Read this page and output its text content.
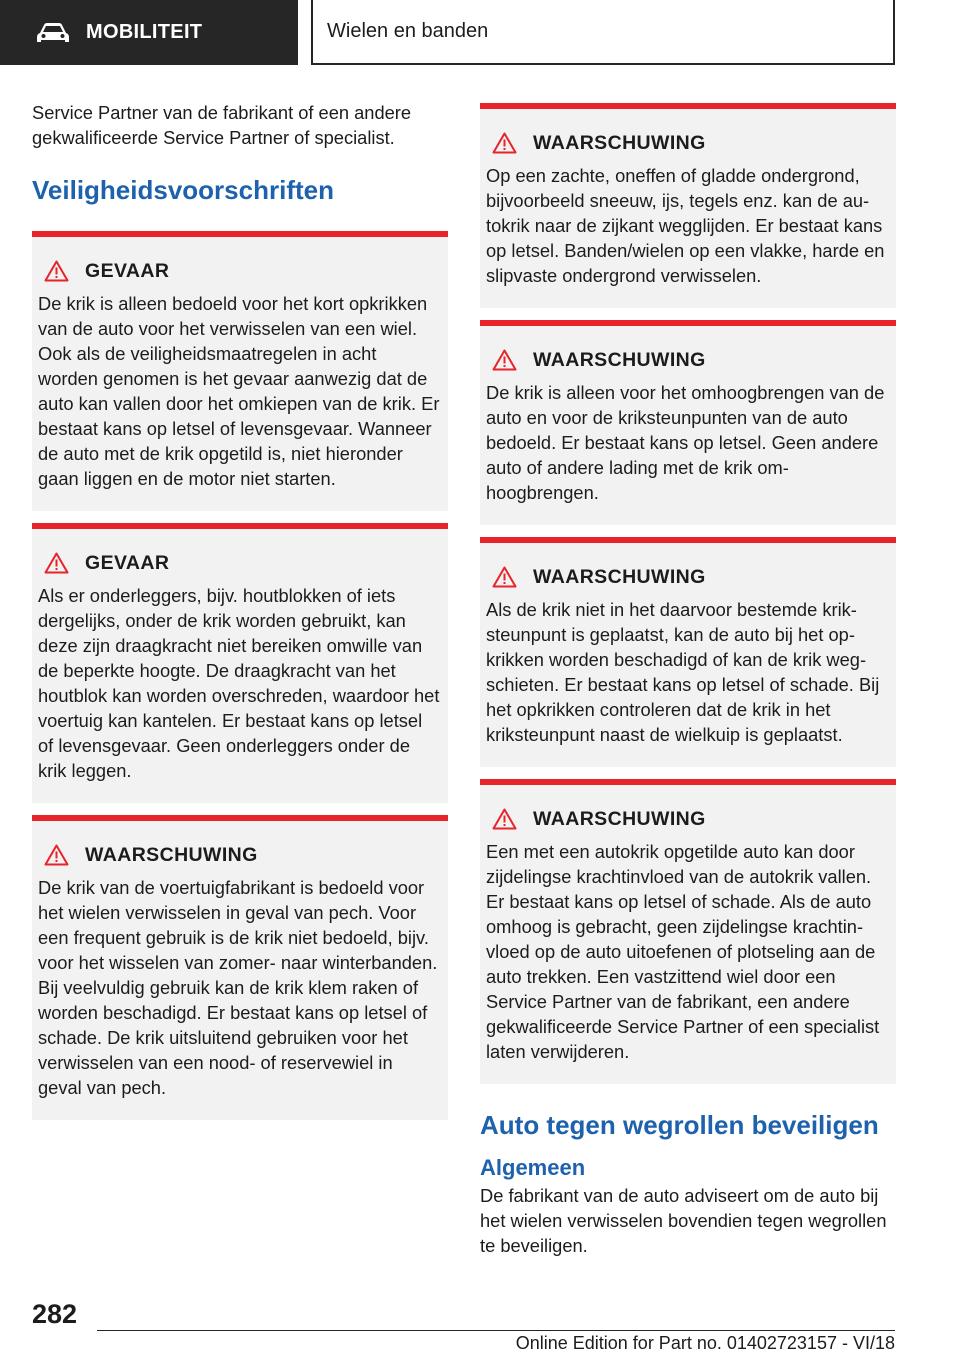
MOBILITEIT	Wielen en banden

Service Partner van de fabrikant of een andere gekwalificeerde Service Partner of specialist.

Veiligheidsvoorschriften
GEVAAR
De krik is alleen bedoeld voor het kort opkrikken van de auto voor het verwisselen van een wiel. Ook als de veiligheidsmaatregelen in acht worden genomen is het gevaar aanwezig dat de auto kan vallen door het omkiepen van de krik. Er bestaat kans op letsel of levensgevaar. Wanneer de auto met de krik opgetild is, niet hieronder gaan liggen en de motor niet starten.
GEVAAR
Als er onderleggers, bijv. houtblokken of iets dergelijks, onder de krik worden gebruikt, kan deze zijn draagkracht niet bereiken omwille van de beperkte hoogte. De draagkracht van het houtblok kan worden overschreden, waardoor het voertuig kan kantelen. Er bestaat kans op letsel of levensgevaar. Geen onderleggers onder de krik leggen.
WAARSCHUWING
De krik van de voertuigfabrikant is bedoeld voor het wielen verwisselen in geval van pech. Voor een frequent gebruik is de krik niet bedoeld, bijv. voor het wisselen van zomer- naar winterbanden. Bij veelvuldig gebruik kan de krik klem raken of worden beschadigd. Er bestaat kans op letsel of schade. De krik uitsluitend gebruiken voor het verwisselen van een nood- of reservewiel in geval van pech.
WAARSCHUWING
Op een zachte, oneffen of gladde ondergrond, bijvoorbeeld sneeuw, ijs, tegels enz. kan de autokrik naar de zijkant wegglijden. Er bestaat kans op letsel. Banden/wielen op een vlakke, harde en slipvaste ondergrond verwisselen.
WAARSCHUWING
De krik is alleen voor het omhoogbrengen van de auto en voor de kriksteunpunten van de auto bedoeld. Er bestaat kans op letsel. Geen andere auto of andere lading met de krik omhoogbrengen.
WAARSCHUWING
Als de krik niet in het daarvoor bestemde kriksteunpunt is geplaatst, kan de auto bij het opkrikken worden beschadigd of kan de krik wegschieten. Er bestaat kans op letsel of schade. Bij het opkrikken controleren dat de krik in het kriksteunpunt naast de wielkuip is geplaatst.
WAARSCHUWING
Een met een autokrik opgetilde auto kan door zijdelingse krachtinvloed van de autokrik vallen. Er bestaat kans op letsel of schade. Als de auto omhoog is gebracht, geen zijdelingse krachtinvloed op de auto uitoefenen of plotseling aan de auto trekken. Een vastzittend wiel door een Service Partner van de fabrikant, een andere gekwalificeerde Service Partner of een specialist laten verwijderen.
Auto tegen wegrollen beveiligen
Algemeen

De fabrikant van de auto adviseert om de auto bij het wielen verwisselen bovendien tegen wegrollen te beveiligen.

282
Online Edition for Part no. 01402723157 - VI/18
